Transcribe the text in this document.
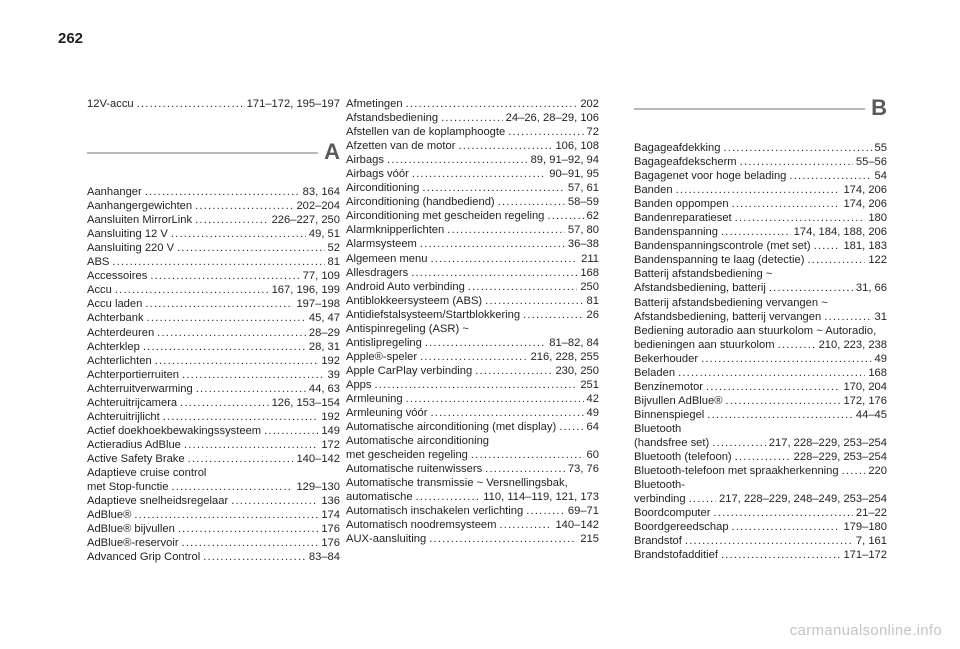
262
12V-accu .....	171–172, 195–197
A
Aanhanger .....	83, 164
Aanhangergewichten .....	202–204
Aansluiten MirrorLink .....	226–227, 250
Aansluiting 12 V .....	49, 51
Aansluiting 220 V .....	52
ABS .....	81
Accessoires .....	77, 109
Accu .....	167, 196, 199
Accu laden .....	197–198
Achterbank .....	45, 47
Achterdeuren .....	28–29
Achterklep .....	28, 31
Achterlichten .....	192
Achterportierruiten .....	39
Achterruitverwarming .....	44, 63
Achteruitrijcamera .....	126, 153–154
Achteruitrijlicht .....	192
Actief doekhoekbewakingssysteem .....	149
Actieradius AdBlue .....	172
Active Safety Brake .....	140–142
Adaptieve cruise control
met Stop-functie .....	129–130
Adaptieve snelheidsregelaar .....	136
AdBlue® .....	174
AdBlue® bijvullen .....	176
AdBlue®-reservoir .....	176
Advanced Grip Control .....	83–84
Afmetingen .....	202
Afstandsbediening .....	24–26, 28–29, 106
Afstellen van de koplamphoogte .....	72
Afzetten van de motor .....	106, 108
Airbags .....	89, 91–92, 94
Airbags vóór .....	90–91, 95
Airconditioning .....	57, 61
Airconditioning (handbediend) .....	58–59
Airconditioning met gescheiden regeling .....	62
Alarmknipperlichten .....	57, 80
Alarmsysteem .....	36–38
Algemeen menu .....	211
Allesdragers .....	168
Android Auto verbinding .....	250
Antiblokkeersysteem (ABS) .....	81
Antidiefstalsysteem/Startblokkering .....	26
Antispinregeling (ASR) ~
Antislipregeling .....	81–82, 84
Apple®-speler .....	216, 228, 255
Apple CarPlay verbinding .....	230, 250
Apps .....	251
Armleuning .....	42
Armleuning vóór .....	49
Automatische airconditioning (met display) .....	64
Automatische airconditioning
met gescheiden regeling .....	60
Automatische ruitenwissers .....	73, 76
Automatische transmissie ~ Versnellingsbak,
automatische .....	110, 114–119, 121, 173
Automatisch inschakelen verlichting .....	69–71
Automatisch noodremsysteem .....	140–142
AUX-aansluiting .....	215
B
Bagageafdekking .....	55
Bagageafdekscherm .....	55–56
Bagagenet voor hoge belading .....	54
Banden .....	174, 206
Banden oppompen .....	174, 206
Bandenreparatieset .....	180
Bandenspanning .....	174, 184, 188, 206
Bandenspanningscontrole (met set) .....	181, 183
Bandenspanning te laag (detectie) .....	122
Batterij afstandsbediening ~
Afstandsbediening, batterij .....	31, 66
Batterij afstandsbediening vervangen ~
Afstandsbediening, batterij vervangen .....	31
Bediening autoradio aan stuurkolom ~ Autoradio,
bedieningen aan stuurkolom .....	210, 223, 238
Bekerhouder .....	49
Beladen .....	168
Benzinemotor .....	170, 204
Bijvullen AdBlue® .....	172, 176
Binnenspiegel .....	44–45
Bluetooth
(handsfree set) .....	217, 228–229, 253–254
Bluetooth (telefoon) .....	228–229, 253–254
Bluetooth-telefoon met spraakherkenning .....	220
Bluetooth-
verbinding .....	217, 228–229, 248–249, 253–254
Boordcomputer .....	21–22
Boordgereedschap .....	179–180
Brandstof .....	7, 161
Brandstofadditief .....	171–172
carmanualsonline.info
